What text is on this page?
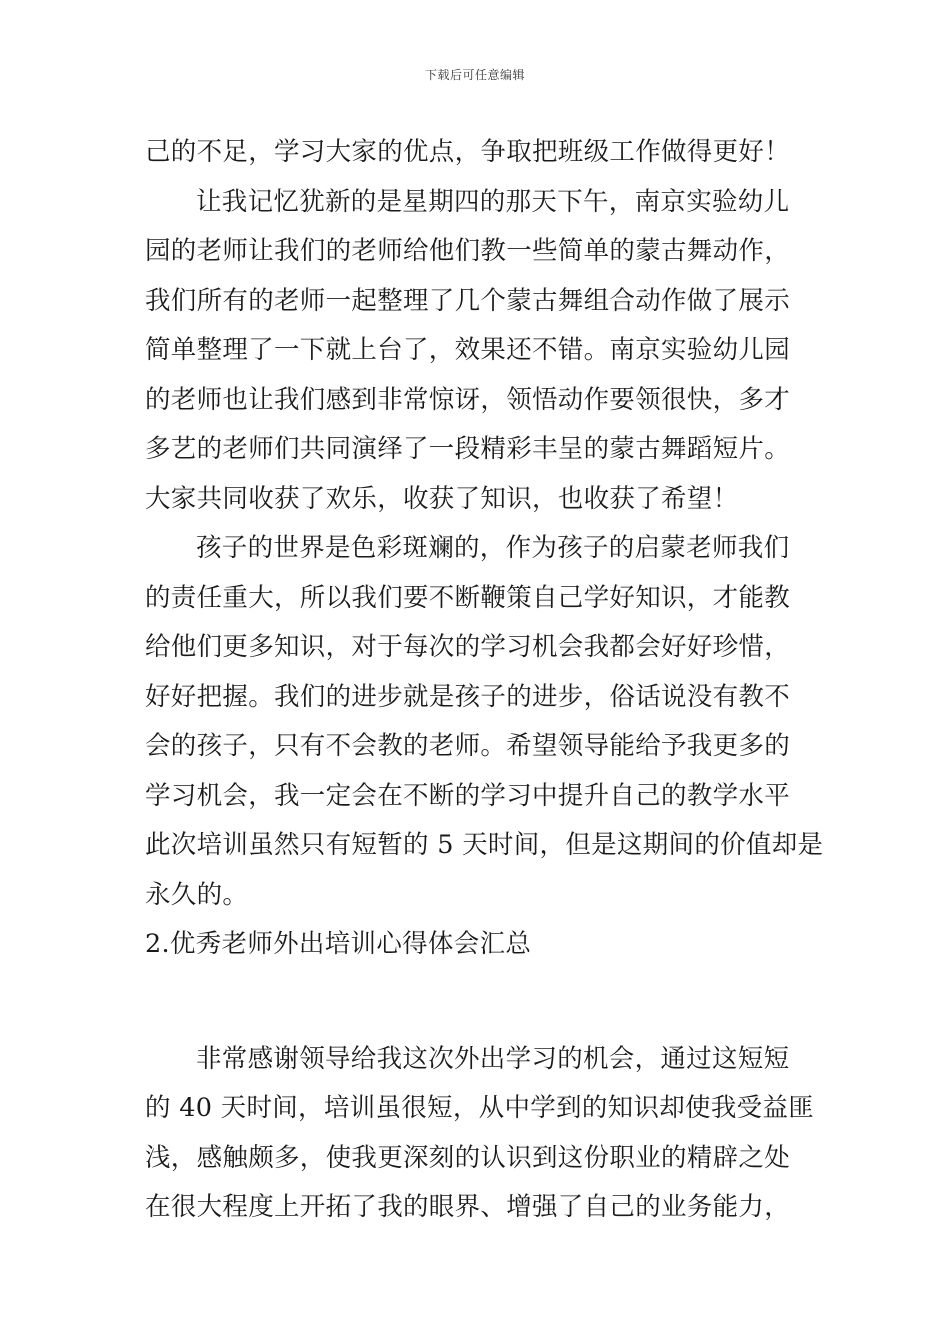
下载后可任意编辑
己的不足，学习大家的优点，争取把班级工作做得更好！
让我记忆犹新的是星期四的那天下午，南京实验幼儿
园的老师让我们的老师给他们教一些简单的蒙古舞动作，
我们所有的老师一起整理了几个蒙古舞组合动作做了展示
简单整理了一下就上台了，效果还不错。南京实验幼儿园
的老师也让我们感到非常惊讶，领悟动作要领很快，多才
多艺的老师们共同演绎了一段精彩丰呈的蒙古舞蹈短片。
大家共同收获了欢乐，收获了知识，也收获了希望！
孩子的世界是色彩斑斓的，作为孩子的启蒙老师我们
的责任重大，所以我们要不断鞭策自己学好知识，才能教
给他们更多知识，对于每次的学习机会我都会好好珍惜，
好好把握。我们的进步就是孩子的进步，俗话说没有教不
会的孩子，只有不会教的老师。希望领导能给予我更多的
学习机会，我一定会在不断的学习中提升自己的教学水平
此次培训虽然只有短暂的 5 天时间，但是这期间的价值却是
永久的。
2.优秀老师外出培训心得体会汇总
非常感谢领导给我这次外出学习的机会，通过这短短
的 40 天时间，培训虽很短，从中学到的知识却使我受益匪
浅，感触颇多，使我更深刻的认识到这份职业的精辟之处
在很大程度上开拓了我的眼界、增强了自己的业务能力，
